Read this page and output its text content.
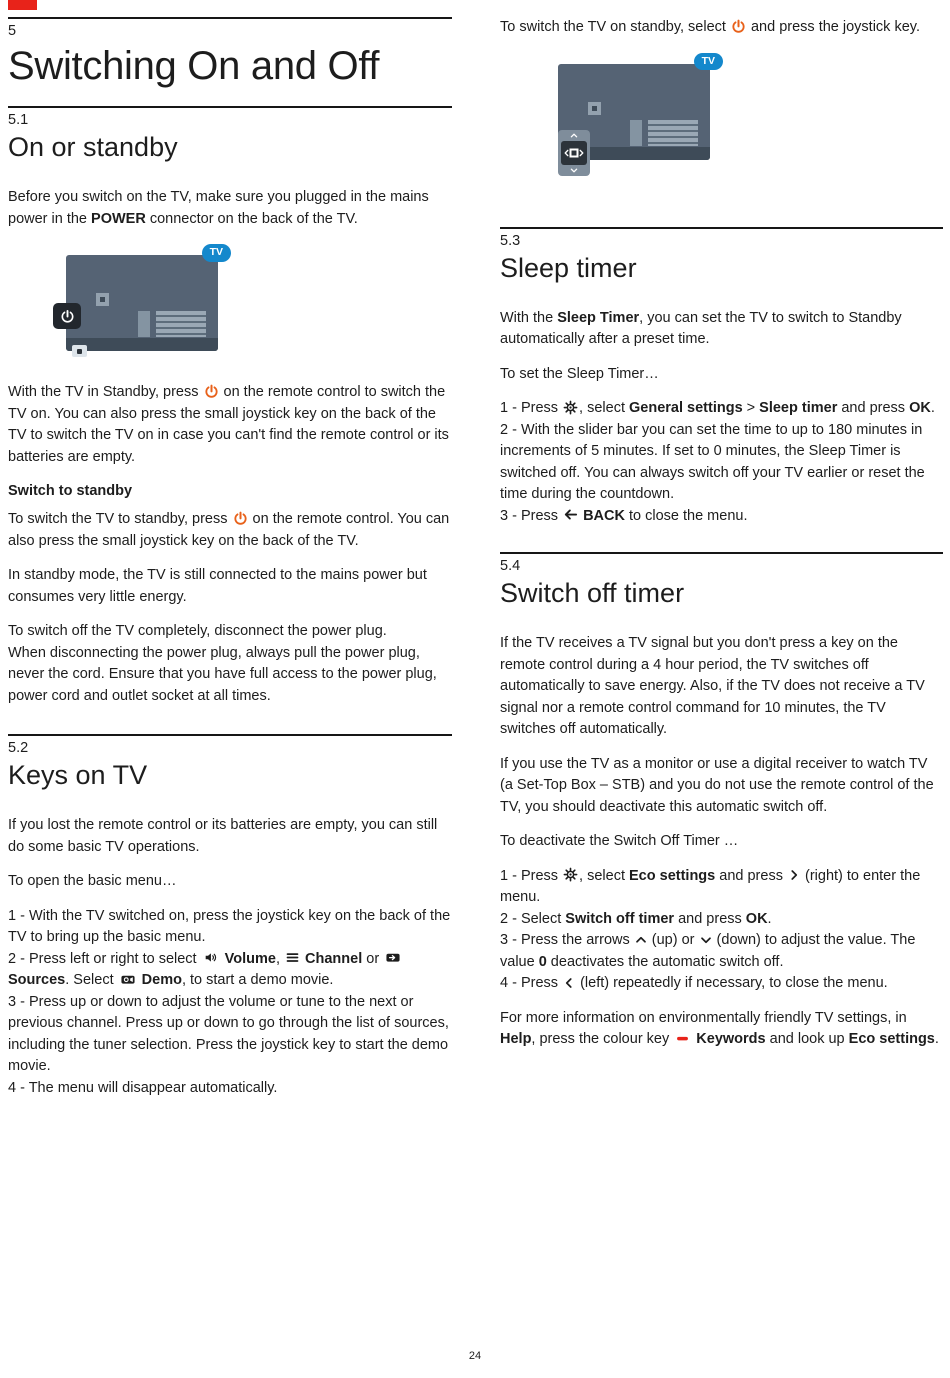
5
Switching On and Off
5.1
On or standby

Before you switch on the TV, make sure you plugged in the mains power in the POWER connector on the back of the TV.

TV

With the TV in Standby, press
on the remote control to switch the TV on. You can also press the small joystick key on the back of the TV to switch the TV on in case you can't find the remote control or its batteries are empty.

Switch to standby

To switch the TV to standby, press
on the remote control. You can also press the small joystick key on the back of the TV.

In standby mode, the TV is still connected to the mains power but consumes very little energy.

To switch off the TV completely, disconnect the power plug.
When disconnecting the power plug, always pull the power plug, never the cord. Ensure that you have full access to the power plug, power cord and outlet socket at all times.

5.2
Keys on TV

If you lost the remote control or its batteries are empty, you can still do some basic TV operations.

To open the basic menu…

1 - With the TV switched on, press the joystick key on the back of the TV to bring up the basic menu.

2 - Press left or right to select
Volume,
Channel or
Sources. Select
Demo, to start a demo movie.

3 - Press up or down to adjust the volume or tune to the next or previous channel. Press up or down to go through the list of sources, including the tuner selection. Press the joystick key to start the demo movie.

4 - The menu will disappear automatically.

To switch the TV on standby, select
and press the joystick key.

TV
5.3
Sleep timer

With the Sleep Timer, you can set the TV to switch to Standby automatically after a preset time.

To set the Sleep Timer…

1 - Press
, select General settings > Sleep timer and press OK.

2 - With the slider bar you can set the time to up to 180 minutes in increments of 5 minutes. If set to 0 minutes, the Sleep Timer is switched off. You can always switch off your TV earlier or reset the time during the countdown.

3 - Press
BACK to close the menu.

5.4
Switch off timer

If the TV receives a TV signal but you don't press a key on the remote control during a 4 hour period, the TV switches off automatically to save energy. Also, if the TV does not receive a TV signal nor a remote control command for 10 minutes, the TV switches off automatically.

If you use the TV as a monitor or use a digital receiver to watch TV (a Set-Top Box – STB) and you do not use the remote control of the TV, you should deactivate this automatic switch off.

To deactivate the Switch Off Timer …

1 - Press
, select Eco settings and press
(right) to enter the menu.

2 - Select Switch off timer and press OK.

3 - Press the arrows
(up) or
(down) to adjust the value. The value 0 deactivates the automatic switch off.

4 - Press
(left) repeatedly if necessary, to close the menu.

For more information on environmentally friendly TV settings, in Help, press the colour key
Keywords and look up Eco settings.

24
